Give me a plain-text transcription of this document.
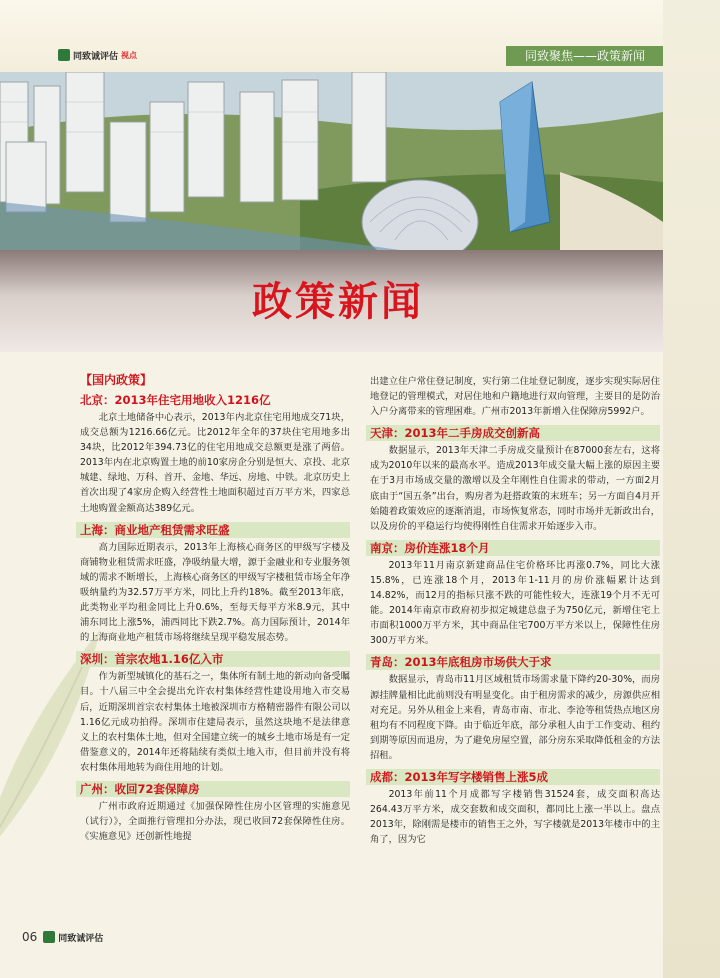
同致诚评估 视点	同致聚焦——政策新闻
政策新闻
【国内政策】
北京：2013年住宅用地收入1216亿

北京土地储备中心表示，2013年内北京住宅用地成交71块，成交总额为1216.66亿元。比2012年全年的37块住宅用地多出34块，比2012年394.73亿的住宅用地成交总额更是涨了两倍。2013年内在北京购置土地的前10家房企分别是恒大、京投、北京城建、绿地、万科、首开、金地、华远、房地、中铁。北京历史上首次出现了4家房企购入经营性土地面积超过百万平方米，四家总土地购置金额高达389亿元。

上海：商业地产租赁需求旺盛

高力国际近期表示，2013年上海核心商务区的甲级写字楼及商铺物业租赁需求旺盛，净吸纳量大增，源于金融业和专业服务领域的需求不断增长，上海核心商务区的甲级写字楼租赁市场全年净吸纳量约为32.57万平方米，同比上升约18%。截至2013年底，此类物业平均租金同比上升0.6%，至每天每平方米8.9元，其中浦东同比上涨5%，浦西同比下跌2.7%。高力国际预计，2014年的上海商业地产租赁市场将继续呈现平稳发展态势。

深圳：首宗农地1.16亿入市

作为新型城镇化的基石之一，集体所有制土地的新动向备受瞩目。十八届三中全会提出允许农村集体经营性建设用地入市交易后，近期深圳首宗农村集体土地被深圳市方格精密器件有限公司以1.16亿元成功拍得。深圳市住建局表示，虽然这块地不是法律意义上的农村集体土地，但对全国建立统一的城乡土地市场是有一定借鉴意义的，2014年还将陆续有类似土地入市，但目前并没有将农村集体用地转为商住用地的计划。

广州：收回72套保障房

广州市政府近期通过《加强保障性住房小区管理的实施意见（试行）》，全面推行管理扣分办法，现已收回72套保障性住房。《实施意见》还创新性地提

出建立住户常住登记制度，实行第二住址登记制度，逐步实现实际居住地登记的管理模式，对居住地和户籍地进行双向管理，主要目的是防治入户分离带来的管理困难。广州市2013年新增入住保障房5992户。

天津：2013年二手房成交创新高

数据显示，2013年天津二手房成交量预计在87000套左右，这将成为2010年以来的最高水平。造成2013年成交量大幅上涨的原因主要在于3月市场成交量的激增以及全年刚性自住需求的带动，一方面2月底由于“国五条”出台，购房者为赶搭政策的末班车；另一方面自4月开始随着政策效应的逐渐消退，市场恢复常态，同时市场并无新政出台，以及房价的平稳运行均使得刚性自住需求开始逐步入市。

南京：房价连涨18个月

2013年11月南京新建商品住宅价格环比再涨0.7%，同比大涨15.8%，已连涨18个月，2013年1-11月的房价涨幅累计达到14.82%，而12月的指标只涨不跌的可能性较大，连涨19个月不无可能。2014年南京市政府初步拟定城建总盘子为750亿元，新增住宅上市面积1000万平方米，其中商品住宅700万平方米以上，保障性住房300万平方米。

青岛：2013年底租房市场供大于求

数据显示，青岛市11月区域租赁市场需求量下降约20-30%，而房源挂牌量相比此前则没有明显变化。由于租房需求的减少，房源供应相对充足。另外从租金上来看，青岛市南、市北、李沧等租赁热点地区房租均有不同程度下降。由于临近年底，部分承租人由于工作变动、租约到期等原因而退房，为了避免房屋空置，部分房东采取降低租金的方法招租。

成都：2013年写字楼销售上涨5成

2013年前11个月成都写字楼销售31524套，成交面积高达264.43万平方米，成交套数和成交面积，都同比上涨一半以上。盘点2013年，除刚需是楼市的销售王之外，写字楼就是2013年楼市中的主角了，因为它

06 同致诚评估
